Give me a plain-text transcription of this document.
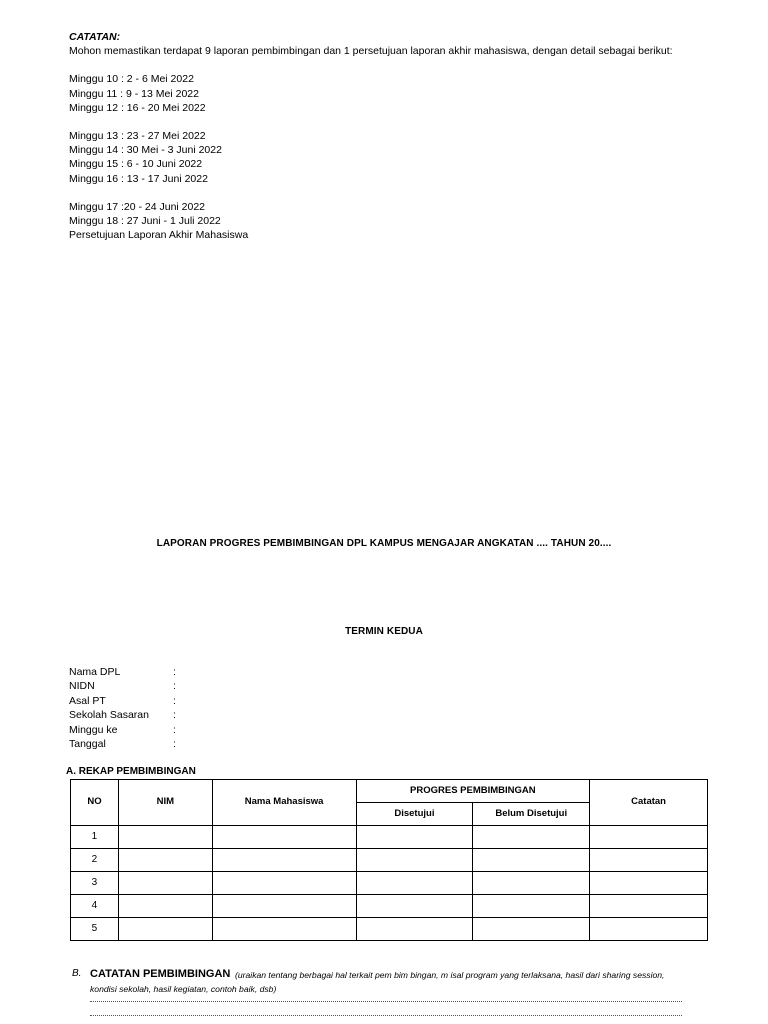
CATATAN:
Mohon memastikan terdapat 9 laporan pembimbingan dan 1 persetujuan laporan akhir mahasiswa, dengan detail sebagai berikut:
Minggu 10 : 2 - 6 Mei 2022
Minggu 11 : 9 - 13 Mei 2022
Minggu 12 : 16 - 20 Mei 2022
Minggu 13 : 23 - 27 Mei 2022
Minggu 14 : 30 Mei - 3 Juni 2022
Minggu 15 : 6 - 10 Juni 2022
Minggu 16 : 13 - 17 Juni 2022
Minggu 17 :20 - 24 Juni 2022
Minggu 18 : 27 Juni - 1 Juli 2022
Persetujuan Laporan Akhir Mahasiswa
LAPORAN PROGRES PEMBIMBINGAN DPL KAMPUS MENGAJAR ANGKATAN .... TAHUN 20....
TERMIN KEDUA
Nama DPL	:
NIDN	:
Asal PT	:
Sekolah Sasaran :
Minggu ke	:
Tanggal	:
A. REKAP PEMBIMBINGAN
NO	NIM	Nama Mahasiswa	PROGRES PEMBIMBINGAN		Catatan
			Disetujui	Belum Disetujui	
1					
2					
3					
4					
5					
B. CATATAN PEMBIMBINGAN (uraikan tentang berbagai hal terkait pem bim bingan, m isal program yang terlaksana, hasil dari sharing session, kondisi sekolah, hasil kegiatan, contoh baik, dsb)
